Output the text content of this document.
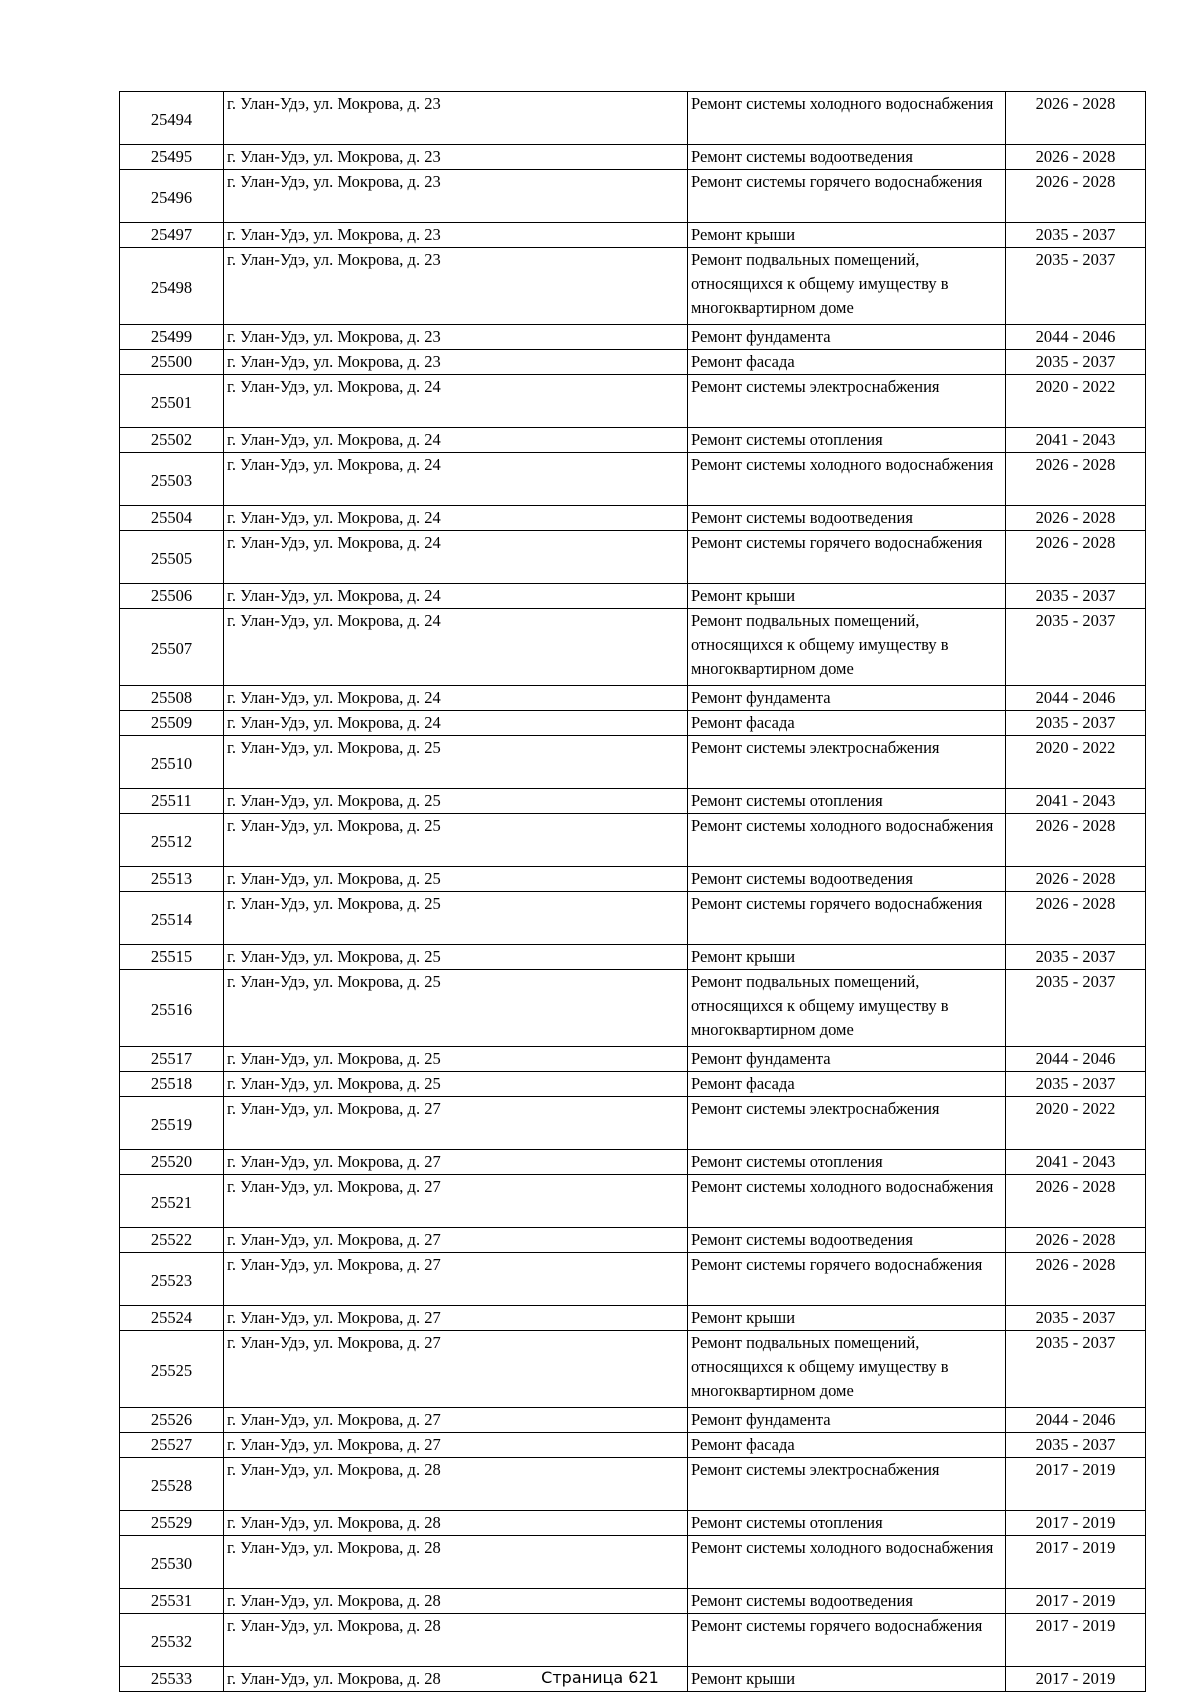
25494	г. Улан-Удэ, ул. Мокрова, д. 23	Ремонт системы холодного водоснабжения	2026 - 2028
25495	г. Улан-Удэ, ул. Мокрова, д. 23	Ремонт системы водоотведения	2026 - 2028
25496	г. Улан-Удэ, ул. Мокрова, д. 23	Ремонт системы горячего водоснабжения	2026 - 2028
25497	г. Улан-Удэ, ул. Мокрова, д. 23	Ремонт крыши	2035 - 2037
25498	г. Улан-Удэ, ул. Мокрова, д. 23	Ремонт подвальных помещений, относящихся к общему имуществу в многоквартирном доме	2035 - 2037
25499	г. Улан-Удэ, ул. Мокрова, д. 23	Ремонт фундамента	2044 - 2046
25500	г. Улан-Удэ, ул. Мокрова, д. 23	Ремонт фасада	2035 - 2037
25501	г. Улан-Удэ, ул. Мокрова, д. 24	Ремонт системы электроснабжения	2020 - 2022
25502	г. Улан-Удэ, ул. Мокрова, д. 24	Ремонт системы отопления	2041 - 2043
25503	г. Улан-Удэ, ул. Мокрова, д. 24	Ремонт системы холодного водоснабжения	2026 - 2028
25504	г. Улан-Удэ, ул. Мокрова, д. 24	Ремонт системы водоотведения	2026 - 2028
25505	г. Улан-Удэ, ул. Мокрова, д. 24	Ремонт системы горячего водоснабжения	2026 - 2028
25506	г. Улан-Удэ, ул. Мокрова, д. 24	Ремонт крыши	2035 - 2037
25507	г. Улан-Удэ, ул. Мокрова, д. 24	Ремонт подвальных помещений, относящихся к общему имуществу в многоквартирном доме	2035 - 2037
25508	г. Улан-Удэ, ул. Мокрова, д. 24	Ремонт фундамента	2044 - 2046
25509	г. Улан-Удэ, ул. Мокрова, д. 24	Ремонт фасада	2035 - 2037
25510	г. Улан-Удэ, ул. Мокрова, д. 25	Ремонт системы электроснабжения	2020 - 2022
25511	г. Улан-Удэ, ул. Мокрова, д. 25	Ремонт системы отопления	2041 - 2043
25512	г. Улан-Удэ, ул. Мокрова, д. 25	Ремонт системы холодного водоснабжения	2026 - 2028
25513	г. Улан-Удэ, ул. Мокрова, д. 25	Ремонт системы водоотведения	2026 - 2028
25514	г. Улан-Удэ, ул. Мокрова, д. 25	Ремонт системы горячего водоснабжения	2026 - 2028
25515	г. Улан-Удэ, ул. Мокрова, д. 25	Ремонт крыши	2035 - 2037
25516	г. Улан-Удэ, ул. Мокрова, д. 25	Ремонт подвальных помещений, относящихся к общему имуществу в многоквартирном доме	2035 - 2037
25517	г. Улан-Удэ, ул. Мокрова, д. 25	Ремонт фундамента	2044 - 2046
25518	г. Улан-Удэ, ул. Мокрова, д. 25	Ремонт фасада	2035 - 2037
25519	г. Улан-Удэ, ул. Мокрова, д. 27	Ремонт системы электроснабжения	2020 - 2022
25520	г. Улан-Удэ, ул. Мокрова, д. 27	Ремонт системы отопления	2041 - 2043
25521	г. Улан-Удэ, ул. Мокрова, д. 27	Ремонт системы холодного водоснабжения	2026 - 2028
25522	г. Улан-Удэ, ул. Мокрова, д. 27	Ремонт системы водоотведения	2026 - 2028
25523	г. Улан-Удэ, ул. Мокрова, д. 27	Ремонт системы горячего водоснабжения	2026 - 2028
25524	г. Улан-Удэ, ул. Мокрова, д. 27	Ремонт крыши	2035 - 2037
25525	г. Улан-Удэ, ул. Мокрова, д. 27	Ремонт подвальных помещений, относящихся к общему имуществу в многоквартирном доме	2035 - 2037
25526	г. Улан-Удэ, ул. Мокрова, д. 27	Ремонт фундамента	2044 - 2046
25527	г. Улан-Удэ, ул. Мокрова, д. 27	Ремонт фасада	2035 - 2037
25528	г. Улан-Удэ, ул. Мокрова, д. 28	Ремонт системы электроснабжения	2017 - 2019
25529	г. Улан-Удэ, ул. Мокрова, д. 28	Ремонт системы отопления	2017 - 2019
25530	г. Улан-Удэ, ул. Мокрова, д. 28	Ремонт системы холодного водоснабжения	2017 - 2019
25531	г. Улан-Удэ, ул. Мокрова, д. 28	Ремонт системы водоотведения	2017 - 2019
25532	г. Улан-Удэ, ул. Мокрова, д. 28	Ремонт системы горячего водоснабжения	2017 - 2019
25533	г. Улан-Удэ, ул. Мокрова, д. 28	Ремонт крыши	2017 - 2019
Страница 621
